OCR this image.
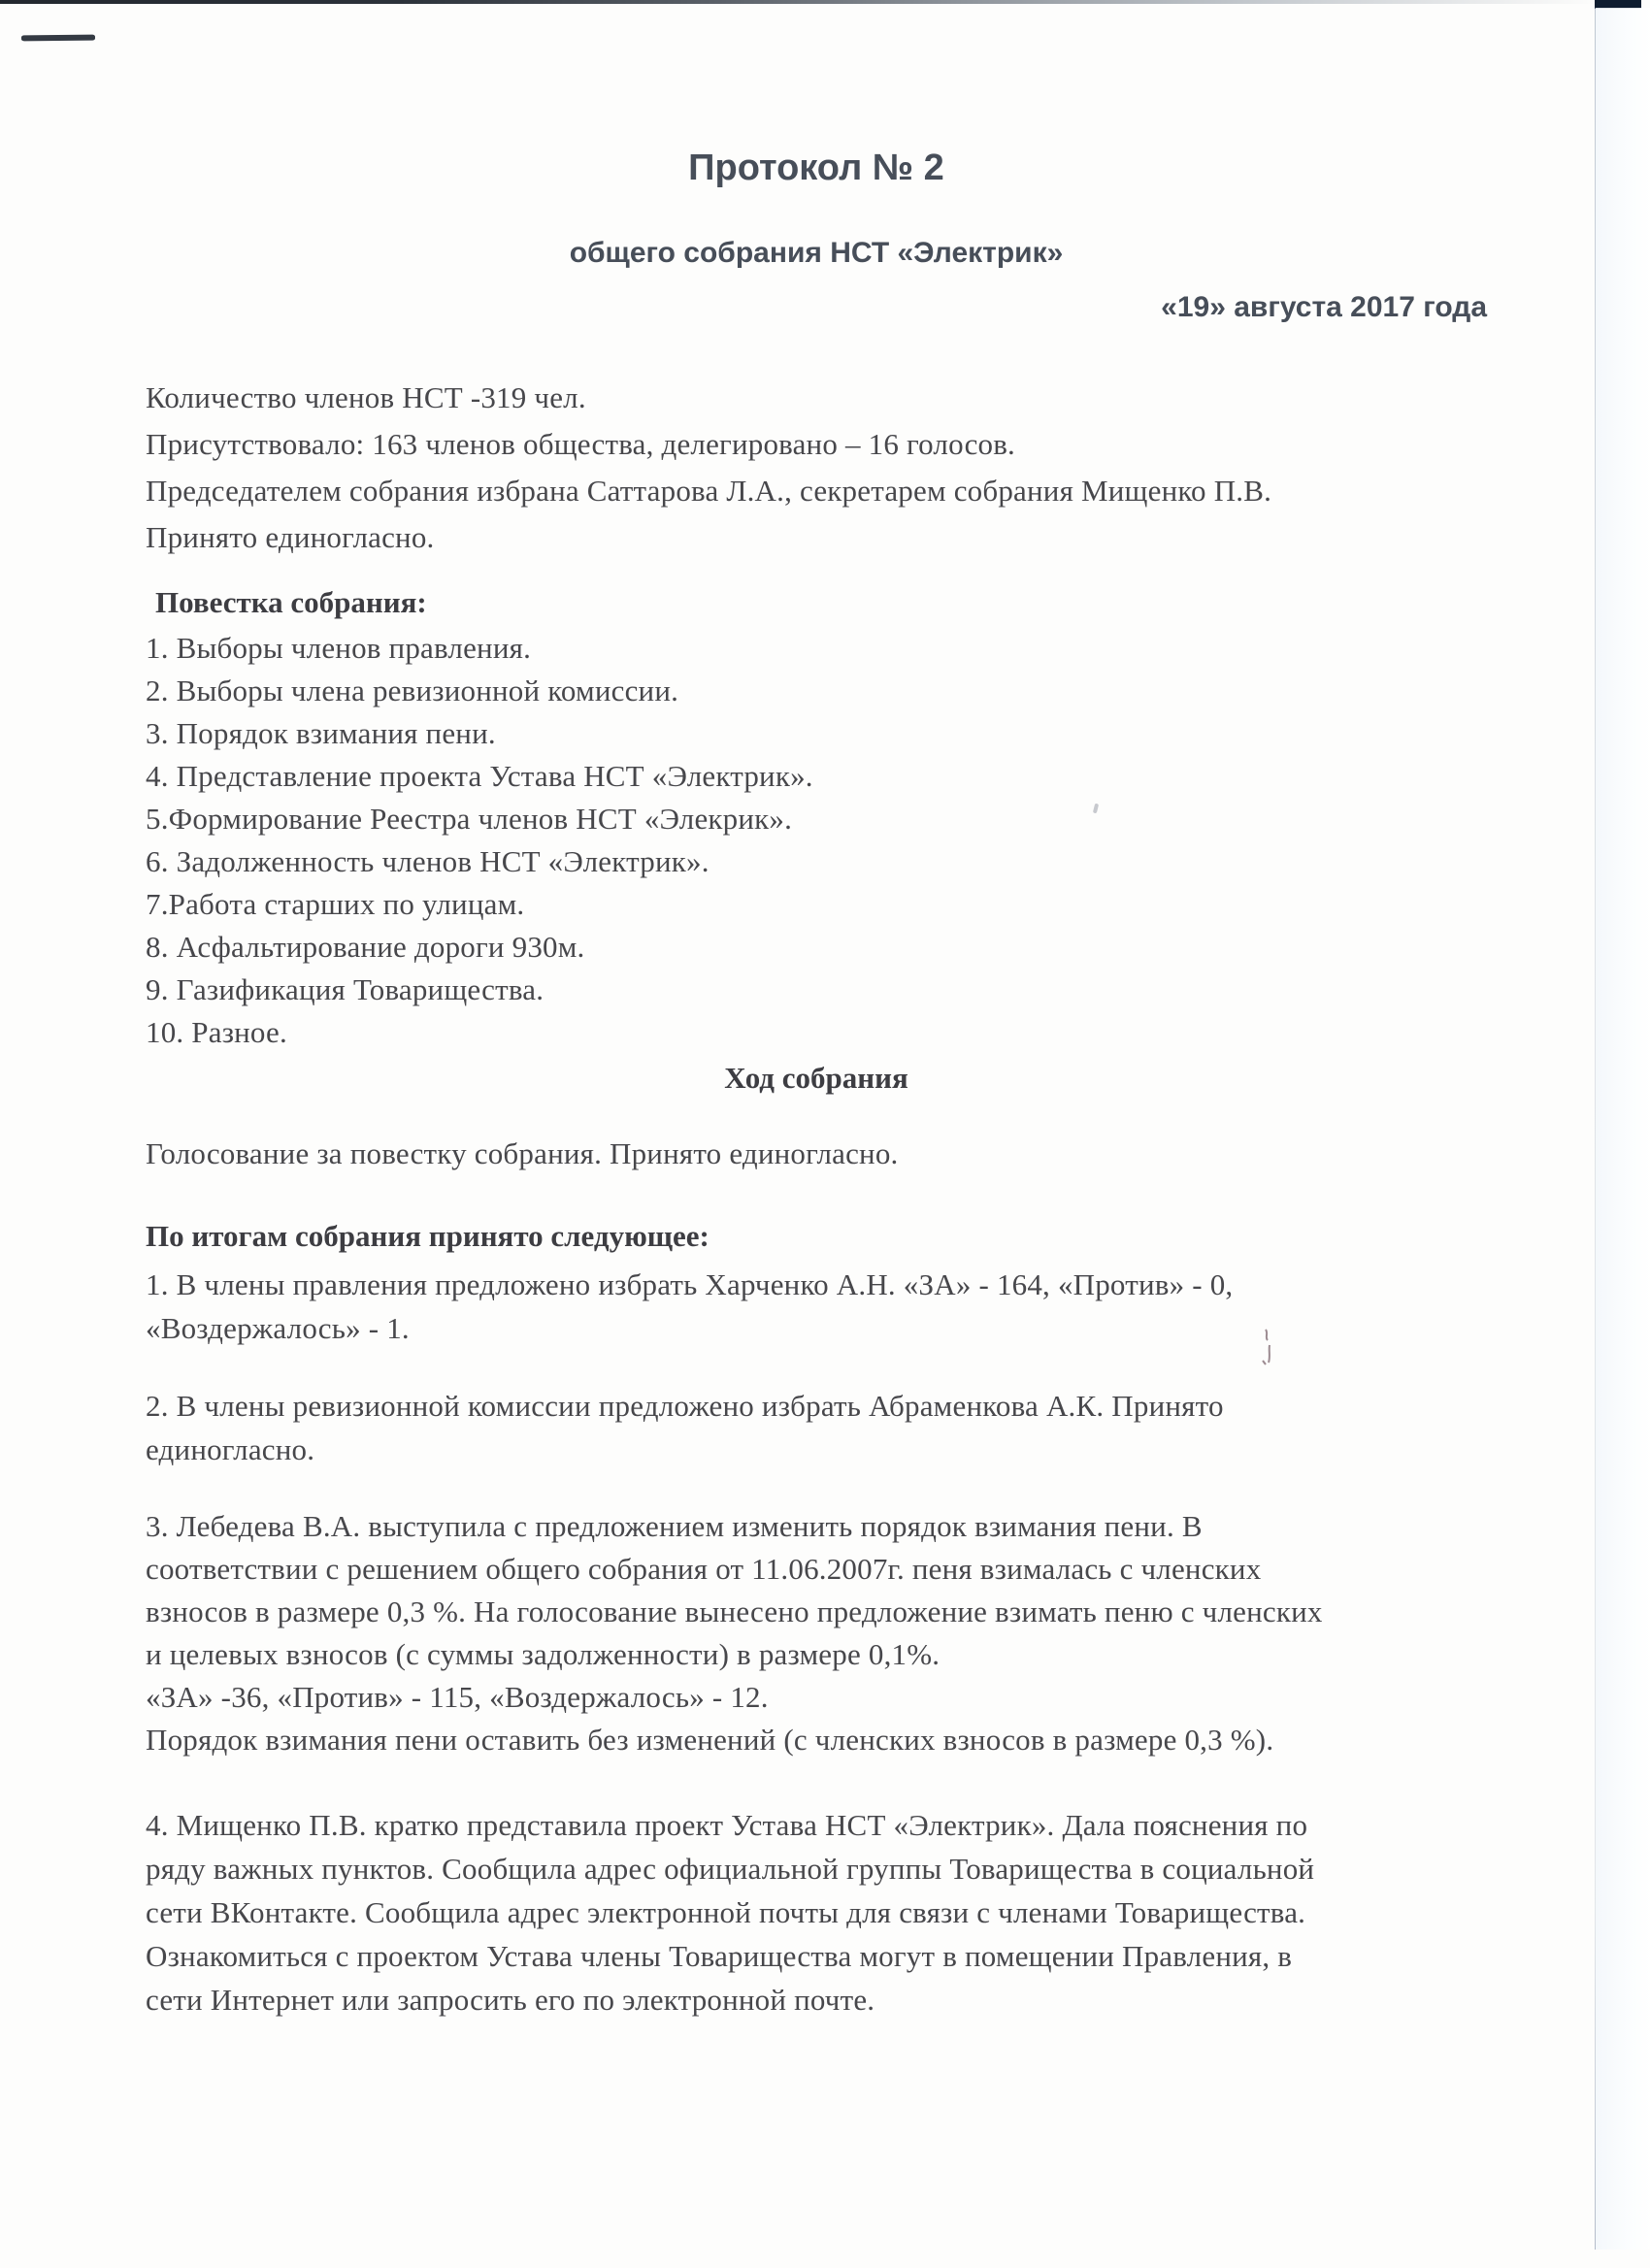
Протокол № 2
общего собрания НСТ «Электрик»
«19» августа 2017 года
Количество членов НСТ -319 чел.
Присутствовало: 163 членов общества, делегировано – 16 голосов.
Председателем собрания избрана Саттарова Л.А., секретарем собрания Мищенко П.В.
Принято единогласно.
Повестка собрания:
1. Выборы членов правления.
2. Выборы члена ревизионной комиссии.
3. Порядок взимания пени.
4. Представление проекта Устава НСТ «Электрик».
5.Формирование Реестра членов НСТ «Элекрик».
6. Задолженность членов НСТ «Электрик».
7.Работа старших по улицам.
8. Асфальтирование дороги 930м.
9. Газификация Товарищества.
10. Разное.
Ход собрания
Голосование за повестку собрания. Принято единогласно.
По итогам собрания принято следующее:
1. В члены правления предложено избрать Харченко А.Н. «ЗА» - 164, «Против» - 0,
«Воздержалось» - 1.
2. В члены ревизионной комиссии предложено избрать Абраменкова А.К. Принято
единогласно.
3. Лебедева В.А. выступила с предложением изменить порядок взимания пени. В
соответствии с решением общего собрания от 11.06.2007г. пеня взималась с членских
взносов в размере 0,3 %. На голосование вынесено предложение взимать пеню с членских
и целевых взносов (с суммы задолженности) в размере 0,1%.
«ЗА» -36, «Против» - 115, «Воздержалось» - 12.
Порядок взимания пени оставить без изменений (с членских взносов в размере 0,3 %).
4. Мищенко П.В. кратко представила проект Устава НСТ «Электрик». Дала пояснения по
ряду важных пунктов. Сообщила адрес официальной группы Товарищества в социальной
сети ВКонтакте. Сообщила адрес электронной почты для связи с членами Товарищества.
Ознакомиться с проектом Устава члены Товарищества могут в помещении Правления, в
сети Интернет или запросить его по электронной почте.
